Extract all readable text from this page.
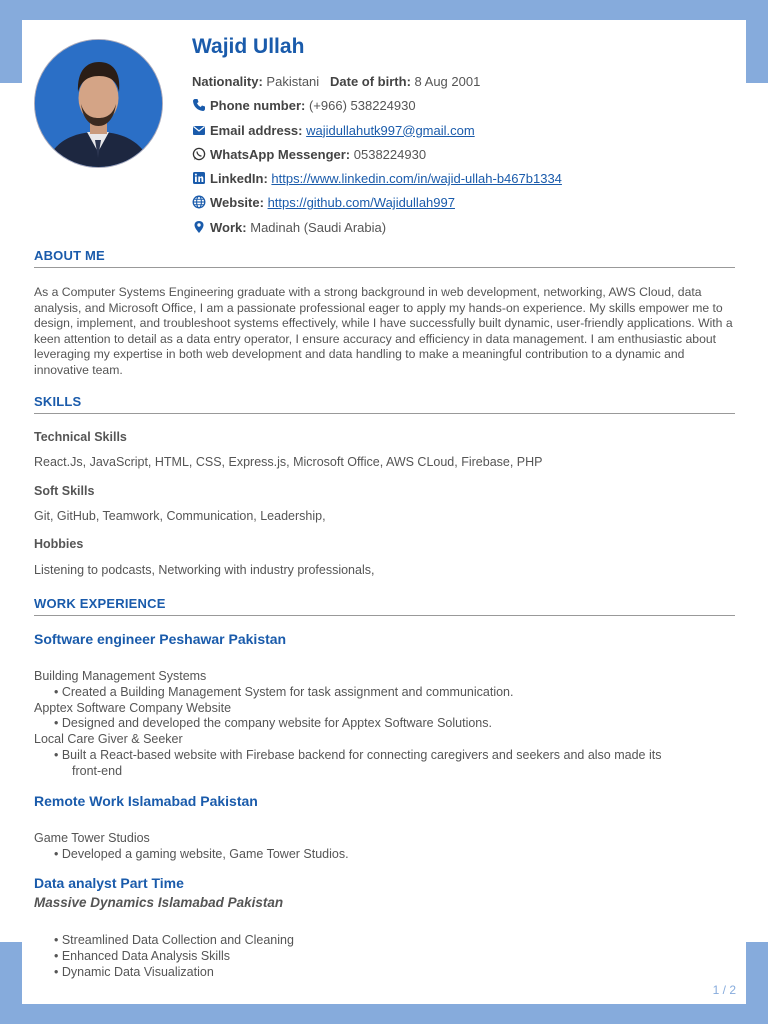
Wajid Ullah
Nationality: Pakistani Date of birth: 8 Aug 2001
Phone number: (+966) 538224930
Email address: wajidullahutk997@gmail.com
WhatsApp Messenger: 0538224930
LinkedIn: https://www.linkedin.com/in/wajid-ullah-b467b1334
Website: https://github.com/Wajidullah997
Work: Madinah (Saudi Arabia)
ABOUT ME
As a Computer Systems Engineering graduate with a strong background in web development, networking, AWS Cloud, data analysis, and Microsoft Office, I am a passionate professional eager to apply my hands-on experience. My skills empower me to design, implement, and troubleshoot systems effectively, while I have successfully built dynamic, user-friendly applications. With a keen attention to detail as a data entry operator, I ensure accuracy and efficiency in data management. I am enthusiastic about leveraging my expertise in both web development and data handling to make a meaningful contribution to a dynamic and innovative team.
SKILLS
Technical Skills
React.Js, JavaScript, HTML, CSS, Express.js, Microsoft Office, AWS CLoud, Firebase, PHP
Soft Skills
Git, GitHub, Teamwork, Communication, Leadership,
Hobbies
Listening to podcasts, Networking with industry professionals,
WORK EXPERIENCE
Software engineer Peshawar Pakistan
Building Management Systems
• Created a Building Management System for task assignment and communication.
Apptex Software Company Website
• Designed and developed the company website for Apptex Software Solutions.
Local Care Giver & Seeker
• Built a React-based website with Firebase backend for connecting caregivers and seekers and also made its
front-end
Remote Work Islamabad Pakistan
Game Tower Studios
• Developed a gaming website, Game Tower Studios.
Data analyst Part Time
Massive Dynamics Islamabad Pakistan
• Streamlined Data Collection and Cleaning
• Enhanced Data Analysis Skills
• Dynamic Data Visualization
1 / 2
